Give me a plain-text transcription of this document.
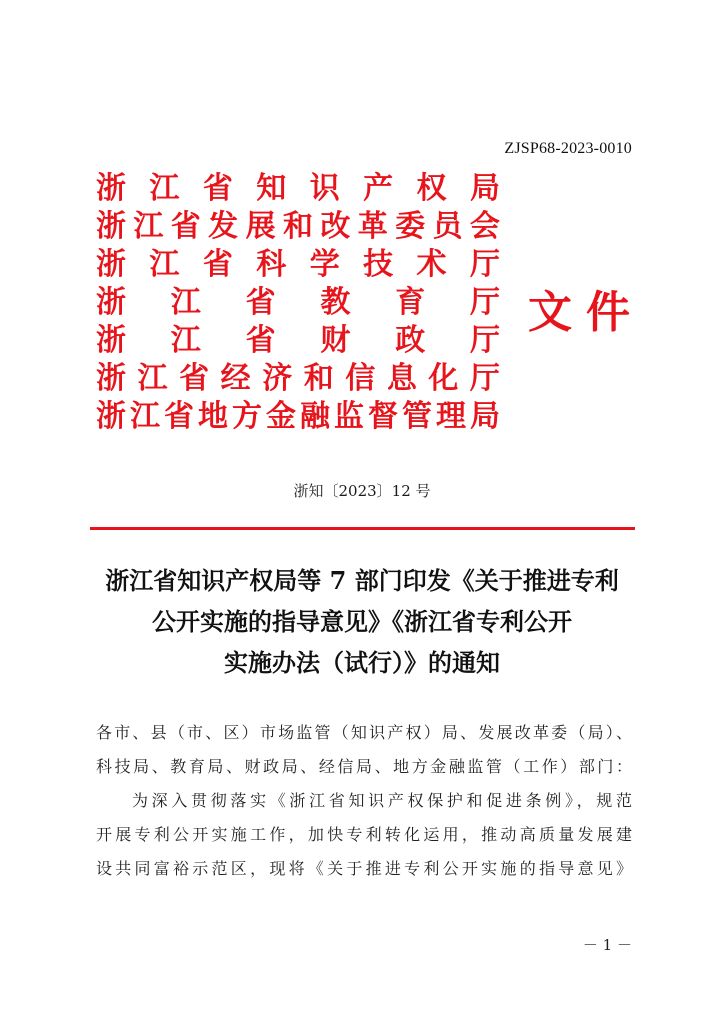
ZJSP68-2023-0010
浙 江 省 知 识 产 权 局
浙 江 省 发 展 和 改 革 委 员 会
浙 江 省 科 学 技 术 厅
浙 江 省 教 育 厅
浙 江 省 财 政 厅
浙 江 省 经 济 和 信 息 化 厅
浙 江 省 地 方 金 融 监 督 管 理 局
文件
浙知〔2023〕12 号
浙江省知识产权局等 7 部门印发《关于推进专利
公开实施的指导意见》《浙江省专利公开
实施办法（试行）》的通知
各市、县（市、区）市场监管（知识产权）局、发展改革委（局）、
科技局、教育局、财政局、经信局、地方金融监管（工作）部门：
为深入贯彻落实《浙江省知识产权保护和促进条例》，规范
开展专利公开实施工作，加快专利转化运用，推动高质量发展建
设共同富裕示范区，现将《关于推进专利公开实施的指导意见》
－ 1 －
